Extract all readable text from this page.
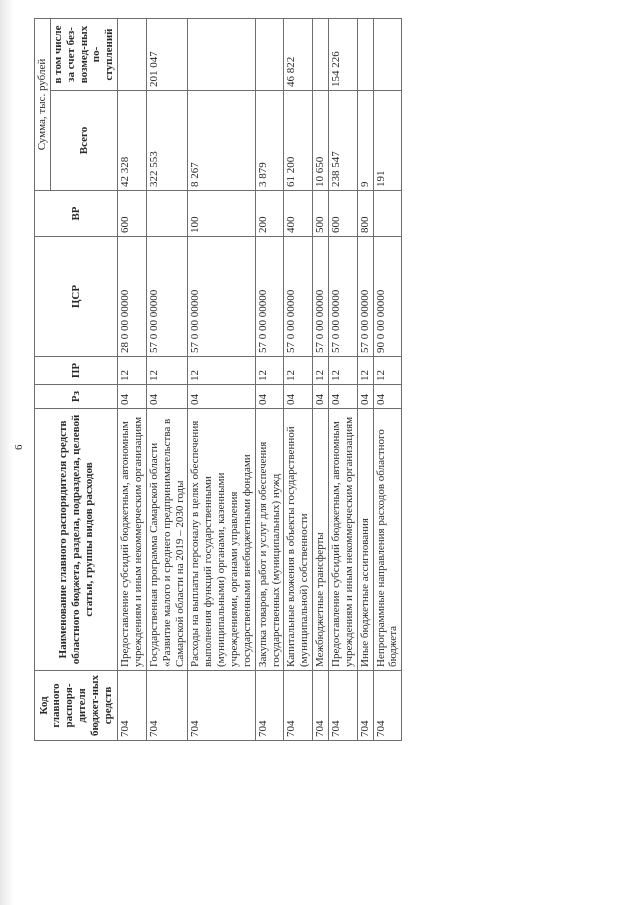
6
Код главного распоря-дителя бюджет-ных средств	Наименование главного распорядителя средств областного бюджета, раздела, подраздела, целевой статьи, группы видов расходов	Рз	ПР	ЦСР	ВР	Сумма, тыс. рублей	
						Всего	в том числе за счет без-возмед-ных по-ступлений
704	Предоставление субсидий бюджетным, автономным учреждениям и иным некоммерческим организациям	04	12	28 0 00 00000	600	42 328	
704	Государственная программа Самарской области «Развитие малого и среднего предпринимательства в Самарской области на 2019 – 2030 годы	04	12	57 0 00 00000		322 553	201 047
704	Расходы на выплаты персоналу в целях обеспечения выполнения функций государственными (муниципальными) органами, казенными учреждениями, органами управления государственными внебюджетными фондами	04	12	57 0 00 00000	100	8 267	
704	Закупка товаров, работ и услуг для обеспечения государственных (муниципальных) нужд	04	12	57 0 00 00000	200	3 879	
704	Капитальные вложения в объекты государственной (муниципальной) собственности	04	12	57 0 00 00000	400	61 200	46 822
704	Межбюджетные трансферты	04	12	57 0 00 00000	500	10 650	
704	Предоставление субсидий бюджетным, автономным учреждениям и иным некоммерческим организациям	04	12	57 0 00 00000	600	238 547	154 226
704	Иные бюджетные ассигнования	04	12	57 0 00 00000	800	9	
704	Непрограммные направления расходов областного бюджета	04	12	90 0 00 00000		191	
